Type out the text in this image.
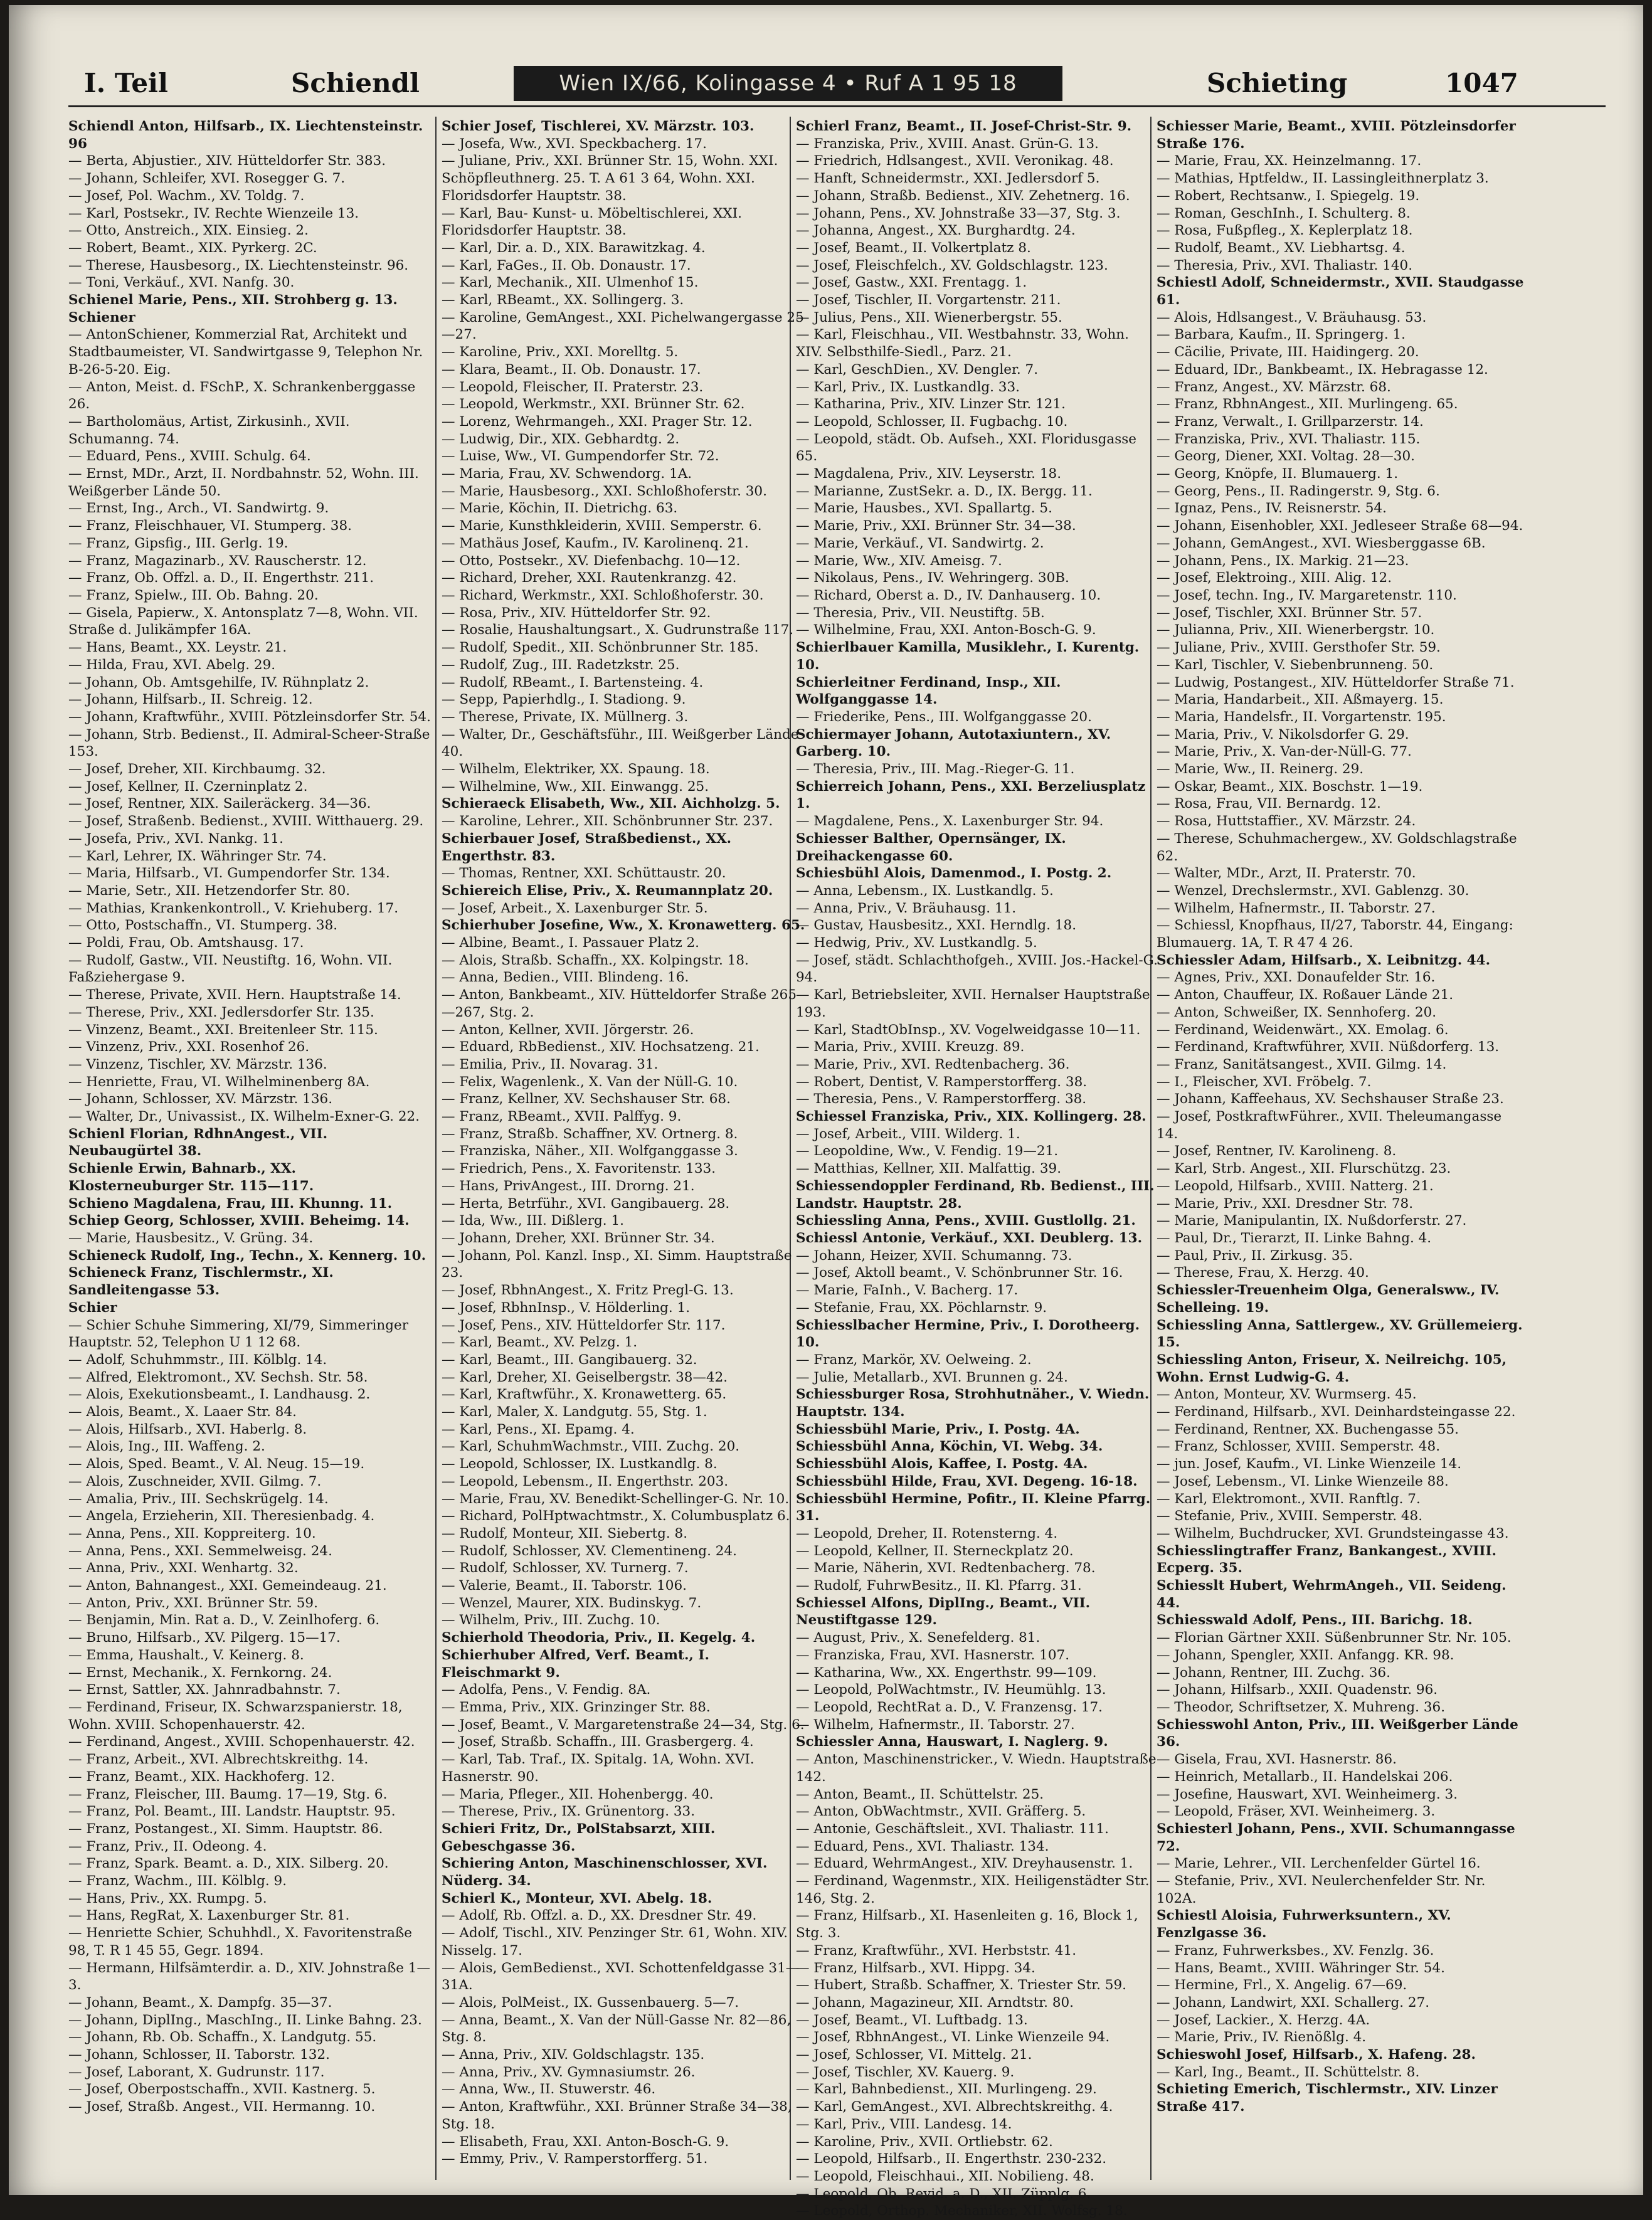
I. Teil	Schiendl	Wien IX/66, Kolingasse 4 • Ruf A 1 95 18	Schieting	1047
Schiendl Anton, Hilfsarb., IX. Liechtensteinstr. 96
— Berta, Abjustier., XIV. Hütteldorfer Str. 383.
— Johann, Schleifer, XVI. Rosegger G. 7.
— Josef, Pol. Wachm., XV. Toldg. 7.
— Karl, Postsekr., IV. Rechte Wienzeile 13.
— Otto, Anstreich., XIX. Einsieg. 2.
— Robert, Beamt., XIX. Pyrkerg. 2C.
— Therese, Hausbesorg., IX. Liechtensteinstr. 96.
— Toni, Verkäuf., XVI. Nanfg. 30.
Schienel Marie, Pens., XII. Strohberg g. 13.
Schiener
— AntonSchiener, Kommerzial Rat, Architekt und Stadtbaumeister, VI. Sandwirtgasse 9, Telephon Nr. B-26-5-20. Eig.
— Anton, Meist. d. FSchP., X. Schrankenberggasse 26.
— Bartholomäus, Artist, Zirkusinh., XVII. Schumanng. 74.
— Eduard, Pens., XVIII. Schulg. 64.
— Ernst, MDr., Arzt, II. Nordbahnstr. 52, Wohn. III. Weißgerber Lände 50.
— Ernst, Ing., Arch., VI. Sandwirtg. 9.
— Franz, Fleischhauer, VI. Stumperg. 38.
— Franz, Gipsfig., III. Gerlg. 19.
— Franz, Magazinarb., XV. Rauscherstr. 12.
— Franz, Ob. Offzl. a. D., II. Engerthstr. 211.
— Franz, Spielw., III. Ob. Bahng. 20.
— Gisela, Papierw., X. Antonsplatz 7—8, Wohn. VII. Straße d. Julikämpfer 16A.
— Hans, Beamt., XX. Leystr. 21.
— Hilda, Frau, XVI. Abelg. 29.
— Johann, Ob. Amtsgehilfe, IV. Rühnplatz 2.
— Johann, Hilfsarb., II. Schreig. 12.
— Johann, Kraftwführ., XVIII. Pötzleinsdorfer Str. 54.
— Johann, Strb. Bedienst., II. Admiral-Scheer-Straße 153.
— Josef, Dreher, XII. Kirchbaumg. 32.
— Josef, Kellner, II. Czerninplatz 2.
— Josef, Rentner, XIX. Saileräckerg. 34—36.
— Josef, Straßenb. Bedienst., XVIII. Witthauerg. 29.
— Josefa, Priv., XVI. Nankg. 11.
— Karl, Lehrer, IX. Währinger Str. 74.
— Maria, Hilfsarb., VI. Gumpendorfer Str. 134.
— Marie, Setr., XII. Hetzendorfer Str. 80.
— Mathias, Krankenkontroll., V. Kriehuberg. 17.
— Otto, Postschaffn., VI. Stumperg. 38.
— Poldi, Frau, Ob. Amtshausg. 17.
— Rudolf, Gastw., VII. Neustiftg. 16, Wohn. VII. Faßziehergase 9.
— Therese, Private, XVII. Hern. Hauptstraße 14.
— Therese, Priv., XXI. Jedlersdorfer Str. 135.
— Vinzenz, Beamt., XXI. Breitenleer Str. 115.
— Vinzenz, Priv., XXI. Rosenhof 26.
— Vinzenz, Tischler, XV. Märzstr. 136.
— Henriette, Frau, VI. Wilhelminenberg 8A.
— Johann, Schlosser, XV. Märzstr. 136.
— Walter, Dr., Univassist., IX. Wilhelm-Exner-G. 22.
Schienl Florian, RdhnAngest., VII. Neubaugürtel 38.
Schienle Erwin, Bahnarb., XX. Klosterneuburger Str. 115—117.
Schieno Magdalena, Frau, III. Khunng. 11.
Schiep Georg, Schlosser, XVIII. Beheimg. 14.
— Marie, Hausbesitz., V. Grüng. 34.
Schieneck Rudolf, Ing., Techn., X. Kennerg. 10.
Schieneck Franz, Tischlermstr., XI. Sandleitengasse 53.
Schier
— Schier Schuhe Simmering, XI/79, Simmeringer Hauptstr. 52, Telephon U 1 12 68.
— Adolf, Schuhmmstr., III. Kölblg. 14.
— Alfred, Elektromont., XV. Sechsh. Str. 58.
— Alois, Exekutionsbeamt., I. Landhausg. 2.
— Alois, Beamt., X. Laaer Str. 84.
— Alois, Hilfsarb., XVI. Haberlg. 8.
— Alois, Ing., III. Waffeng. 2.
— Alois, Sped. Beamt., V. Al. Neug. 15—19.
— Alois, Zuschneider, XVII. Gilmg. 7.
— Amalia, Priv., III. Sechskrügelg. 14.
— Angela, Erzieherin, XII. Theresienbadg. 4.
— Anna, Pens., XII. Koppreiterg. 10.
— Anna, Pens., XXI. Semmelweisg. 24.
— Anna, Priv., XXI. Wenhartg. 32.
— Anton, Bahnangest., XXI. Gemeindeaug. 21.
— Anton, Priv., XXI. Brünner Str. 59.
— Benjamin, Min. Rat a. D., V. Zeinlhoferg. 6.
— Bruno, Hilfsarb., XV. Pilgerg. 15—17.
— Emma, Haushalt., V. Keinerg. 8.
— Ernst, Mechanik., X. Fernkorng. 24.
— Ernst, Sattler, XX. Jahnradbahnstr. 7.
— Ferdinand, Friseur, IX. Schwarzspanierstr. 18, Wohn. XVIII. Schopenhauerstr. 42.
— Ferdinand, Angest., XVIII. Schopenhauerstr. 42.
— Franz, Arbeit., XVI. Albrechtskreithg. 14.
— Franz, Beamt., XIX. Hackhoferg. 12.
— Franz, Fleischer, III. Baumg. 17—19, Stg. 6.
— Franz, Pol. Beamt., III. Landstr. Hauptstr. 95.
— Franz, Postangest., XI. Simm. Hauptstr. 86.
— Franz, Priv., II. Odeong. 4.
— Franz, Spark. Beamt. a. D., XIX. Silberg. 20.
— Franz, Wachm., III. Kölblg. 9.
— Hans, Priv., XX. Rumpg. 5.
— Hans, RegRat, X. Laxenburger Str. 81.
— Henriette Schier, Schuhhdl., X. Favoritenstraße 98, T. R 1 45 55, Gegr. 1894.
— Hermann, Hilfsämterdir. a. D., XIV. Johnstraße 1—3.
— Johann, Beamt., X. Dampfg. 35—37.
— Johann, DiplIng., MaschIng., II. Linke Bahng. 23.
— Johann, Rb. Ob. Schaffn., X. Landgutg. 55.
— Johann, Schlosser, II. Taborstr. 132.
— Josef, Laborant, X. Gudrunstr. 117.
— Josef, Oberpostschaffn., XVII. Kastnerg. 5.
— Josef, Straßb. Angest., VII. Hermanng. 10.
Schier Josef, Tischlerei, XV. Märzstr. 103.
— Josefa, Ww., XVI. Speckbacherg. 17.
— Juliane, Priv., XXI. Brünner Str. 15, Wohn. XXI. Schöpfleuthnerg. 25. T. A 61 3 64, Wohn. XXI. Floridsdorfer Hauptstr. 38.
— Karl, Bau- Kunst- u. Möbeltischlerei, XXI. Floridsdorfer Hauptstr. 38.
— Karl, Dir. a. D., XIX. Barawitzkag. 4.
— Karl, FaGes., II. Ob. Donaustr. 17.
— Karl, Mechanik., XII. Ulmenhof 15.
— Karl, RBeamt., XX. Sollingerg. 3.
— Karoline, GemAngest., XXI. Pichelwangergasse 25—27.
— Karoline, Priv., XXI. Morelltg. 5.
— Klara, Beamt., II. Ob. Donaustr. 17.
— Leopold, Fleischer, II. Praterstr. 23.
— Leopold, Werkmstr., XXI. Brünner Str. 62.
— Lorenz, Wehrmangeh., XXI. Prager Str. 12.
— Ludwig, Dir., XIX. Gebhardtg. 2.
— Luise, Ww., VI. Gumpendorfer Str. 72.
— Maria, Frau, XV. Schwendorg. 1A.
— Marie, Hausbesorg., XXI. Schloßhoferstr. 30.
— Marie, Köchin, II. Dietrichg. 63.
— Marie, Kunsthkleiderin, XVIII. Semperstr. 6.
— Mathäus Josef, Kaufm., IV. Karolinenq. 21.
— Otto, Postsekr., XV. Diefenbachg. 10—12.
— Richard, Dreher, XXI. Rautenkranzg. 42.
— Richard, Werkmstr., XXI. Schloßhoferstr. 30.
— Rosa, Priv., XIV. Hütteldorfer Str. 92.
— Rosalie, Haushaltungsart., X. Gudrunstraße 117.
— Rudolf, Spedit., XII. Schönbrunner Str. 185.
— Rudolf, Zug., III. Radetzkstr. 25.
— Rudolf, RBeamt., I. Bartensteing. 4.
— Sepp, Papierhdlg., I. Stadiong. 9.
— Therese, Private, IX. Müllnerg. 3.
— Walter, Dr., Geschäftsführ., III. Weißgerber Lände 40.
— Wilhelm, Elektriker, XX. Spaung. 18.
— Wilhelmine, Ww., XII. Einwangg. 25.
Schieraeck Elisabeth, Ww., XII. Aichholzg. 5.
— Karoline, Lehrer., XII. Schönbrunner Str. 237.
Schierbauer Josef, Straßbedienst., XX. Engerthstr. 83.
— Thomas, Rentner, XXI. Schüttaustr. 20.
Schiereich Elise, Priv., X. Reumannplatz 20.
— Josef, Arbeit., X. Laxenburger Str. 5.
Schierhuber Josefine, Ww., X. Kronawetterg. 65.
— Albine, Beamt., I. Passauer Platz 2.
— Alois, Straßb. Schaffn., XX. Kolpingstr. 18.
— Anna, Bedien., VIII. Blindeng. 16.
— Anton, Bankbeamt., XIV. Hütteldorfer Straße 265—267, Stg. 2.
— Anton, Kellner, XVII. Jörgerstr. 26.
— Eduard, RbBedienst., XIV. Hochsatzeng. 21.
— Emilia, Priv., II. Novarag. 31.
— Felix, Wagenlenk., X. Van der Nüll-G. 10.
— Franz, Kellner, XV. Sechshauser Str. 68.
— Franz, RBeamt., XVII. Palffyg. 9.
— Franz, Straßb. Schaffner, XV. Ortnerg. 8.
— Franziska, Näher., XII. Wolfganggasse 3.
— Friedrich, Pens., X. Favoritenstr. 133.
— Hans, PrivAngest., III. Drorng. 21.
— Herta, Betrführ., XVI. Gangibauerg. 28.
— Ida, Ww., III. Dißlerg. 1.
— Johann, Dreher, XXI. Brünner Str. 34.
— Johann, Pol. Kanzl. Insp., XI. Simm. Hauptstraße 23.
— Josef, RbhnAngest., X. Fritz Pregl-G. 13.
— Josef, RbhnInsp., V. Hölderling. 1.
— Josef, Pens., XIV. Hütteldorfer Str. 117.
— Karl, Beamt., XV. Pelzg. 1.
— Karl, Beamt., III. Gangibauerg. 32.
— Karl, Dreher, XI. Geiselbergstr. 38—42.
— Karl, Kraftwführ., X. Kronawetterg. 65.
— Karl, Maler, X. Landgutg. 55, Stg. 1.
— Karl, Pens., XI. Epamg. 4.
— Karl, SchuhmWachmstr., VIII. Zuchg. 20.
— Leopold, Schlosser, IX. Lustkandlg. 8.
— Leopold, Lebensm., II. Engerthstr. 203.
— Marie, Frau, XV. Benedikt-Schellinger-G. Nr. 10.
— Richard, PolHptwachtmstr., X. Columbusplatz 6.
— Rudolf, Monteur, XII. Siebertg. 8.
— Rudolf, Schlosser, XV. Clementineng. 24.
— Rudolf, Schlosser, XV. Turnerg. 7.
— Valerie, Beamt., II. Taborstr. 106.
— Wenzel, Maurer, XIX. Budinskyg. 7.
— Wilhelm, Priv., III. Zuchg. 10.
Schierhold Theodoria, Priv., II. Kegelg. 4.
Schierhuber Alfred, Verf. Beamt., I. Fleischmarkt 9.
— Adolfa, Pens., V. Fendig. 8A.
— Emma, Priv., XIX. Grinzinger Str. 88.
— Josef, Beamt., V. Margaretenstraße 24—34, Stg. 6.
— Josef, Straßb. Schaffn., III. Grasbergerg. 4.
— Karl, Tab. Traf., IX. Spitalg. 1A, Wohn. XVI. Hasnerstr. 90.
— Maria, Pfleger., XII. Hohenbergg. 40.
— Therese, Priv., IX. Grünentorg. 33.
Schieri Fritz, Dr., PolStabsarzt, XIII. Gebeschgasse 36.
Schiering Anton, Maschinenschlosser, XVI. Nüderg. 34.
Schierl K., Monteur, XVI. Abelg. 18.
— Adolf, Rb. Offzl. a. D., XX. Dresdner Str. 49.
— Adolf, Tischl., XIV. Penzinger Str. 61, Wohn. XIV. Nisselg. 17.
— Alois, GemBedienst., XVI. Schottenfeldgasse 31—31A.
— Alois, PolMeist., IX. Gussenbauerg. 5—7.
— Anna, Beamt., X. Van der Nüll-Gasse Nr. 82—86, Stg. 8.
— Anna, Priv., XIV. Goldschlagstr. 135.
— Anna, Priv., XV. Gymnasiumstr. 26.
— Anna, Ww., II. Stuwerstr. 46.
— Anton, Kraftwführ., XXI. Brünner Straße 34—38, Stg. 18.
— Elisabeth, Frau, XXI. Anton-Bosch-G. 9.
— Emmy, Priv., V. Ramperstorfferg. 51.
Schierl Franz, Beamt., II. Josef-Christ-Str. 9.
— Franziska, Priv., XVIII. Anast. Grün-G. 13.
— Friedrich, Hdlsangest., XVII. Veronikag. 48.
— Hanft, Schneidermstr., XXI. Jedlersdorf 5.
— Johann, Straßb. Bedienst., XIV. Zehetnerg. 16.
— Johann, Pens., XV. Johnstraße 33—37, Stg. 3.
— Johanna, Angest., XX. Burghardtg. 24.
— Josef, Beamt., II. Volkertplatz 8.
— Josef, Fleischfelch., XV. Goldschlagstr. 123.
— Josef, Gastw., XXI. Frentagg. 1.
— Josef, Tischler, II. Vorgartenstr. 211.
— Julius, Pens., XII. Wienerbergstr. 55.
— Karl, Fleischhau., VII. Westbahnstr. 33, Wohn. XIV. Selbsthilfe-Siedl., Parz. 21.
— Karl, GeschDien., XV. Dengler. 7.
— Karl, Priv., IX. Lustkandlg. 33.
— Katharina, Priv., XIV. Linzer Str. 121.
— Leopold, Schlosser, II. Fugbachg. 10.
— Leopold, städt. Ob. Aufseh., XXI. Floridusgasse 65.
— Magdalena, Priv., XIV. Leyserstr. 18.
— Marianne, ZustSekr. a. D., IX. Bergg. 11.
— Marie, Hausbes., XVI. Spallartg. 5.
— Marie, Priv., XXI. Brünner Str. 34—38.
— Marie, Verkäuf., VI. Sandwirtg. 2.
— Marie, Ww., XIV. Ameisg. 7.
— Nikolaus, Pens., IV. Wehringerg. 30B.
— Richard, Oberst a. D., IV. Danhauserg. 10.
— Theresia, Priv., VII. Neustiftg. 5B.
— Wilhelmine, Frau, XXI. Anton-Bosch-G. 9.
Schierlbauer Kamilla, Musiklehr., I. Kurentg. 10.
Schierleitner Ferdinand, Insp., XII. Wolfganggasse 14.
— Friederike, Pens., III. Wolfganggasse 20.
Schiermayer Johann, Autotaxiuntern., XV. Garberg. 10.
— Theresia, Priv., III. Mag.-Rieger-G. 11.
Schierreich Johann, Pens., XXI. Berzeliusplatz 1.
— Magdalene, Pens., X. Laxenburger Str. 94.
Schiesser Balther, Opernsänger, IX. Dreihackengasse 60.
Schiesbühl Alois, Damenmod., I. Postg. 2.
— Anna, Lebensm., IX. Lustkandlg. 5.
— Anna, Priv., V. Bräuhausg. 11.
— Gustav, Hausbesitz., XXI. Herndlg. 18.
— Hedwig, Priv., XV. Lustkandlg. 5.
— Josef, städt. Schlachthofgeh., XVIII. Jos.-Hackel-G. 94.
— Karl, Betriebsleiter, XVII. Hernalser Hauptstraße 193.
— Karl, StadtObInsp., XV. Vogelweidgasse 10—11.
— Maria, Priv., XVIII. Kreuzg. 89.
— Marie, Priv., XVI. Redtenbacherg. 36.
— Robert, Dentist, V. Ramperstorfferg. 38.
— Theresia, Pens., V. Ramperstorfferg. 38.
Schiessel Franziska, Priv., XIX. Kollingerg. 28.
— Josef, Arbeit., VIII. Wilderg. 1.
— Leopoldine, Ww., V. Fendig. 19—21.
— Matthias, Kellner, XII. Malfattig. 39.
Schiessendoppler Ferdinand, Rb. Bedienst., III. Landstr. Hauptstr. 28.
Schiessling Anna, Pens., XVIII. Gustlollg. 21.
Schiessl Antonie, Verkäuf., XXI. Deublerg. 13.
— Johann, Heizer, XVII. Schumanng. 73.
— Josef, Aktoll beamt., V. Schönbrunner Str. 16.
— Marie, FaInh., V. Bacherg. 17.
— Stefanie, Frau, XX. Pöchlarnstr. 9.
Schiesslbacher Hermine, Priv., I. Dorotheerg. 10.
— Franz, Markör, XV. Oelweing. 2.
— Julie, Metallarb., XVI. Brunnen g. 24.
Schiessburger Rosa, Strohhutnäher., V. Wiedn. Hauptstr. 134.
Schiessbühl Marie, Priv., I. Postg. 4A.
Schiessbühl Anna, Köchin, VI. Webg. 34.
Schiessbühl Alois, Kaffee, I. Postg. 4A.
Schiessbühl Hilde, Frau, XVI. Degeng. 16-18.
Schiessbühl Hermine, Pofitr., II. Kleine Pfarrg. 31.
— Leopold, Dreher, II. Rotensterng. 4.
— Leopold, Kellner, II. Sterneckplatz 20.
— Marie, Näherin, XVI. Redtenbacherg. 78.
— Rudolf, FuhrwBesitz., II. Kl. Pfarrg. 31.
Schiessel Alfons, DiplIng., Beamt., VII. Neustiftgasse 129.
— August, Priv., X. Senefelderg. 81.
— Franziska, Frau, XVI. Hasnerstr. 107.
— Katharina, Ww., XX. Engerthstr. 99—109.
— Leopold, PolWachtmstr., IV. Heumühlg. 13.
— Leopold, RechtRat a. D., V. Franzensg. 17.
— Wilhelm, Hafnermstr., II. Taborstr. 27.
Schiessler Anna, Hauswart, I. Naglerg. 9.
— Anton, Maschinenstricker., V. Wiedn. Hauptstraße 142.
— Anton, Beamt., II. Schüttelstr. 25.
— Anton, ObWachtmstr., XVII. Gräfferg. 5.
— Antonie, Geschäftsleit., XVI. Thaliastr. 111.
— Eduard, Pens., XVI. Thaliastr. 134.
— Eduard, WehrmAngest., XIV. Dreyhausenstr. 1.
— Ferdinand, Wagenmstr., XIX. Heiligenstädter Str. 146, Stg. 2.
— Franz, Hilfsarb., XI. Hasenleiten g. 16, Block 1, Stg. 3.
— Franz, Kraftwführ., XVI. Herbststr. 41.
— Franz, Hilfsarb., XVI. Hippg. 34.
— Hubert, Straßb. Schaffner, X. Triester Str. 59.
— Johann, Magazineur, XII. Arndtstr. 80.
— Josef, Beamt., VI. Luftbadg. 13.
— Josef, RbhnAngest., VI. Linke Wienzeile 94.
— Josef, Schlosser, VI. Mittelg. 21.
— Josef, Tischler, XV. Kauerg. 9.
— Karl, Bahnbedienst., XII. Murlingeng. 29.
— Karl, GemAngest., XVI. Albrechtskreithg. 4.
— Karl, Priv., VIII. Landesg. 14.
— Karoline, Priv., XVII. Ortliebstr. 62.
— Leopold, Hilfsarb., II. Engerthstr. 230-232.
— Leopold, Fleischhaui., XII. Nobilieng. 48.
— Leopold, Ob. Revid. a. D., XII. Züpplg. 6.
— Leopold, Orthop. Mechaniker, XII. Wolfsg. 18.
Schiesser Marie, Beamt., XVIII. Pötzleinsdorfer Straße 176.
— Marie, Frau, XX. Heinzelmanng. 17.
— Mathias, Hptfeldw., II. Lassingleithnerplatz 3.
— Robert, Rechtsanw., I. Spiegelg. 19.
— Roman, GeschInh., I. Schulterg. 8.
— Rosa, Fußpfleg., X. Keplerplatz 18.
— Rudolf, Beamt., XV. Liebhartsg. 4.
— Theresia, Priv., XVI. Thaliastr. 140.
Schiestl Adolf, Schneidermstr., XVII. Staudgasse 61.
— Alois, Hdlsangest., V. Bräuhausg. 53.
— Barbara, Kaufm., II. Springerg. 1.
— Cäcilie, Private, III. Haidingerg. 20.
— Eduard, IDr., Bankbeamt., IX. Hebragasse 12.
— Franz, Angest., XV. Märzstr. 68.
— Franz, RbhnAngest., XII. Murlingeng. 65.
— Franz, Verwalt., I. Grillparzerstr. 14.
— Franziska, Priv., XVI. Thaliastr. 115.
— Georg, Diener, XXI. Voltag. 28—30.
— Georg, Knöpfe, II. Blumauerg. 1.
— Georg, Pens., II. Radingerstr. 9, Stg. 6.
— Ignaz, Pens., IV. Reisnerstr. 54.
— Johann, Eisenhobler, XXI. Jedleseer Straße 68—94.
— Johann, GemAngest., XVI. Wiesberggasse 6B.
— Johann, Pens., IX. Markig. 21—23.
— Josef, Elektroing., XIII. Alig. 12.
— Josef, techn. Ing., IV. Margaretenstr. 110.
— Josef, Tischler, XXI. Brünner Str. 57.
— Julianna, Priv., XII. Wienerbergstr. 10.
— Juliane, Priv., XVIII. Gersthofer Str. 59.
— Karl, Tischler, V. Siebenbrunneng. 50.
— Ludwig, Postangest., XIV. Hütteldorfer Straße 71.
— Maria, Handarbeit., XII. Aßmayerg. 15.
— Maria, Handelsfr., II. Vorgartenstr. 195.
— Maria, Priv., V. Nikolsdorfer G. 29.
— Marie, Priv., X. Van-der-Nüll-G. 77.
— Marie, Ww., II. Reinerg. 29.
— Oskar, Beamt., XIX. Boschstr. 1—19.
— Rosa, Frau, VII. Bernardg. 12.
— Rosa, Huttstaffier., XV. Märzstr. 24.
— Therese, Schuhmachergew., XV. Goldschlagstraße 62.
— Walter, MDr., Arzt, II. Praterstr. 70.
— Wenzel, Drechslermstr., XVI. Gablenzg. 30.
— Wilhelm, Hafnermstr., II. Taborstr. 27.
— Schiessl, Knopfhaus, II/27, Taborstr. 44, Eingang: Blumauerg. 1A, T. R 47 4 26.
Schiessler Adam, Hilfsarb., X. Leibnitzg. 44.
— Agnes, Priv., XXI. Donaufelder Str. 16.
— Anton, Chauffeur, IX. Roßauer Lände 21.
— Anton, Schweißer, IX. Sennhoferg. 20.
— Ferdinand, Weidenwärt., XX. Emolag. 6.
— Ferdinand, Kraftwführer, XVII. Nüßdorferg. 13.
— Franz, Sanitätsangest., XVII. Gilmg. 14.
— I., Fleischer, XVI. Fröbelg. 7.
— Johann, Kaffeehaus, XV. Sechshauser Straße 23.
— Josef, PostkraftwFührer., XVII. Theleumangasse 14.
— Josef, Rentner, IV. Karolineng. 8.
— Karl, Strb. Angest., XII. Flurschützg. 23.
— Leopold, Hilfsarb., XVIII. Natterg. 21.
— Marie, Priv., XXI. Dresdner Str. 78.
— Marie, Manipulantin, IX. Nußdorferstr. 27.
— Paul, Dr., Tierarzt, II. Linke Bahng. 4.
— Paul, Priv., II. Zirkusg. 35.
— Therese, Frau, X. Herzg. 40.
Schiessler-Treuenheim Olga, Generalsww., IV. Schelleing. 19.
Schiessling Anna, Sattlergew., XV. Grüllemeierg. 15.
Schiessling Anton, Friseur, X. Neilreichg. 105, Wohn. Ernst Ludwig-G. 4.
— Anton, Monteur, XV. Wurmserg. 45.
— Ferdinand, Hilfsarb., XVI. Deinhardsteingasse 22.
— Ferdinand, Rentner, XX. Buchengasse 55.
— Franz, Schlosser, XVIII. Semperstr. 48.
— jun. Josef, Kaufm., VI. Linke Wienzeile 14.
— Josef, Lebensm., VI. Linke Wienzeile 88.
— Karl, Elektromont., XVII. Ranftlg. 7.
— Stefanie, Priv., XVIII. Semperstr. 48.
— Wilhelm, Buchdrucker, XVI. Grundsteingasse 43.
Schiesslingtraffer Franz, Bankangest., XVIII. Ecperg. 35.
Schiesslt Hubert, WehrmAngeh., VII. Seideng. 44.
Schiesswald Adolf, Pens., III. Barichg. 18.
— Florian Gärtner XXII. Süßenbrunner Str. Nr. 105.
— Johann, Spengler, XXII. Anfangg. KR. 98.
— Johann, Rentner, III. Zuchg. 36.
— Johann, Hilfsarb., XXII. Quadenstr. 96.
— Theodor, Schriftsetzer, X. Muhreng. 36.
Schiesswohl Anton, Priv., III. Weißgerber Lände 36.
— Gisela, Frau, XVI. Hasnerstr. 86.
— Heinrich, Metallarb., II. Handelskai 206.
— Josefine, Hauswart, XVI. Weinheimerg. 3.
— Leopold, Fräser, XVI. Weinheimerg. 3.
Schiesterl Johann, Pens., XVII. Schumanngasse 72.
— Marie, Lehrer., VII. Lerchenfelder Gürtel 16.
— Stefanie, Priv., XVI. Neulerchenfelder Str. Nr. 102A.
Schiestl Aloisia, Fuhrwerksuntern., XV. Fenzlgasse 36.
— Franz, Fuhrwerksbes., XV. Fenzlg. 36.
— Hans, Beamt., XVIII. Währinger Str. 54.
— Hermine, Frl., X. Angelig. 67—69.
— Johann, Landwirt, XXI. Schallerg. 27.
— Josef, Lackier., X. Herzg. 4A.
— Marie, Priv., IV. Rienößlg. 4.
Schieswohl Josef, Hilfsarb., X. Hafeng. 28.
— Karl, Ing., Beamt., II. Schüttelstr. 8.
Schieting Emerich, Tischlermstr., XIV. Linzer Straße 417.
